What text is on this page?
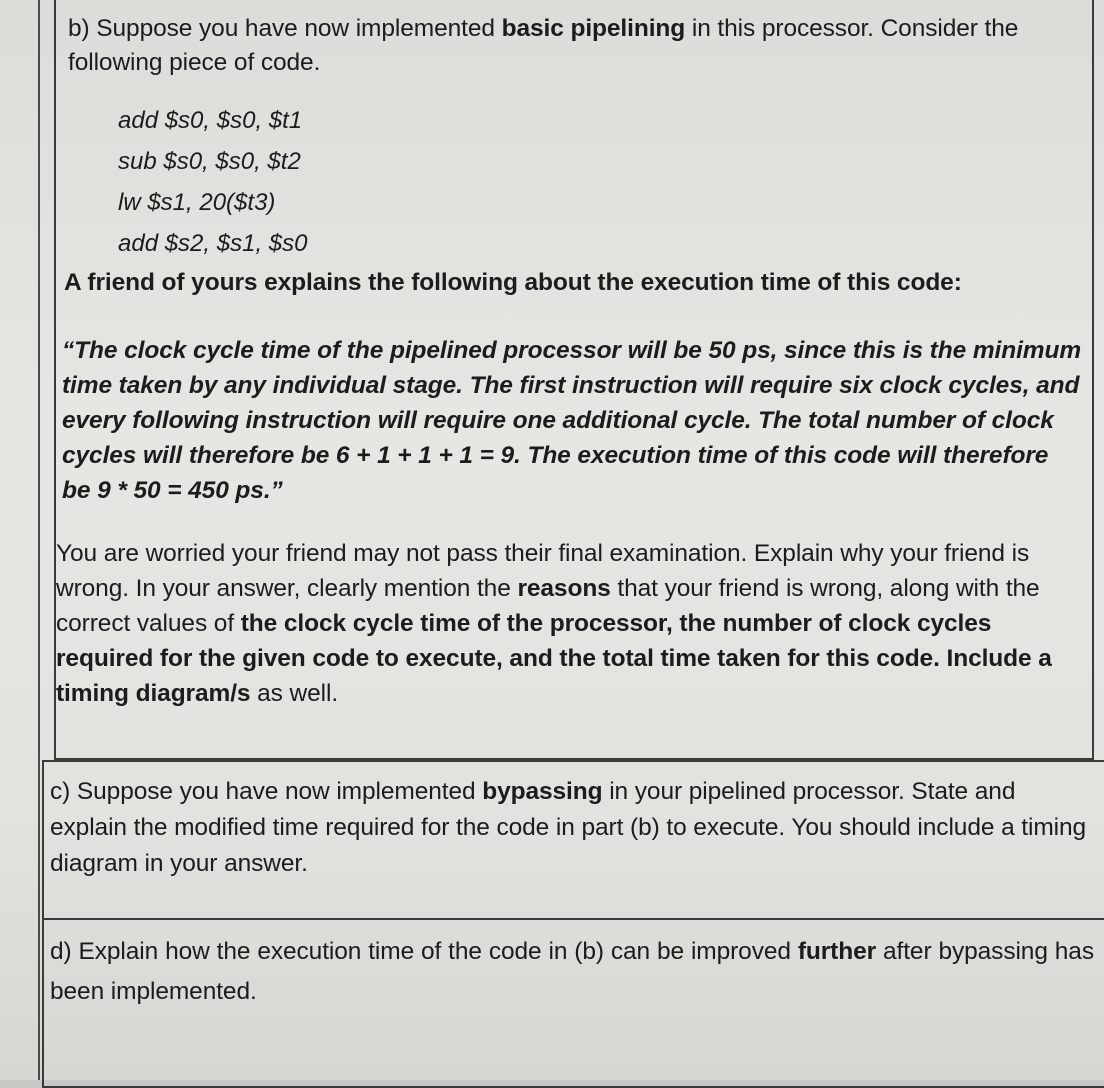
b) Suppose you have now implemented basic pipelining in this processor. Consider the following piece of code.

add $s0, $s0, $t1
sub $s0, $s0, $t2
lw $s1, 20($t3)
add $s2, $s1, $s0

A friend of yours explains the following about the execution time of this code:

“The clock cycle time of the pipelined processor will be 50 ps, since this is the minimum time taken by any individual stage. The first instruction will require six clock cycles, and every following instruction will require one additional cycle. The total number of clock cycles will therefore be 6 + 1 + 1 + 1 = 9. The execution time of this code will therefore be 9 * 50 = 450 ps.”

You are worried your friend may not pass their final examination. Explain why your friend is wrong. In your answer, clearly mention the reasons that your friend is wrong, along with the correct values of the clock cycle time of the processor, the number of clock cycles required for the given code to execute, and the total time taken for this code. Include a timing diagram/s as well.

c) Suppose you have now implemented bypassing in your pipelined processor. State and explain the modified time required for the code in part (b) to execute. You should include a timing diagram in your answer.

d) Explain how the execution time of the code in (b) can be improved further after bypassing has been implemented.
